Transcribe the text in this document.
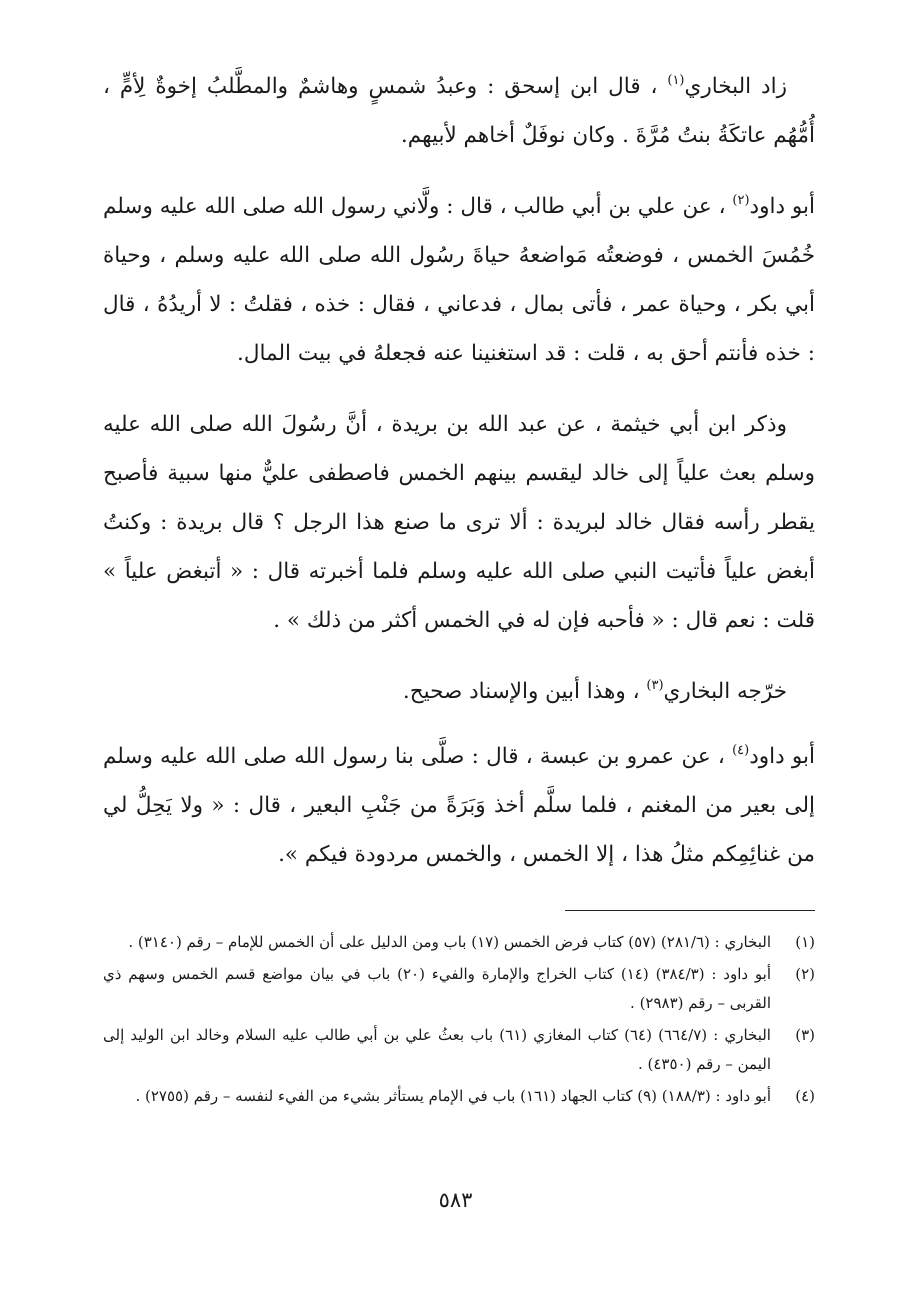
زاد البخاري$^{(١)}$ ، قال ابن إسحق : وعبدُ شمسٍ وهاشمٌ والمطَّلبُ إخوةٌ لِأمٍّ ، أُمُّهُم عاتكَةُ بنتُ مُرَّةَ . وكان نوفَلٌ أخاهم لأبيهم.

أبو داود$^{(٢)}$ ، عن علي بن أبي طالب ، قال : ولَّاني رسول الله صلى الله عليه وسلم خُمُسَ الخمس ، فوضعتُه مَواضعهُ حياةَ رسُول الله صلى الله عليه وسلم ، وحياة أبي بكر ، وحياة عمر ، فأتى بمال ، فدعاني ، فقال : خذه ، فقلتُ : لا أريدُهُ ، قال : خذه فأنتم أحق به ، قلت : قد استغنينا عنه فجعلهُ في بيت المال.

وذكر ابن أبي خيثمة ، عن عبد الله بن بريدة ، أنَّ رسُولَ الله صلى الله عليه وسلم بعث علياً إلى خالد ليقسم بينهم الخمس فاصطفى عليٌّ منها سبية فأصبح يقطر رأسه فقال خالد لبريدة : ألا ترى ما صنع هذا الرجل ؟ قال بريدة : وكنتُ أبغض علياً فأتيت النبي صلى الله عليه وسلم فلما أخبرته قال : « أتبغض علياً » قلت : نعم قال : « فأحبه فإن له في الخمس أكثر من ذلك » .

خرّجه البخاري$^{(٣)}$ ، وهذا أبين والإسناد صحيح.

أبو داود$^{(٤)}$ ، عن عمرو بن عبسة ، قال : صلَّى بنا رسول الله صلى الله عليه وسلم إلى بعير من المغنم ، فلما سلَّم أخذ وَبَرَةً من جَنْبِ البعير ، قال : « ولا يَحِلُّ لي من غنائِمِكم مثلُ هذا ، إلا الخمس ، والخمس مردودة فيكم ».

(١)
البخاري : (٢٨١/٦) (٥٧) كتاب فرض الخمس (١٧) باب ومن الدليل على أن الخمس للإمام – رقم (٣١٤٠) .
(٢)
أبو داود : (٣٨٤/٣) (١٤) كتاب الخراج والإمارة والفيء (٢٠) باب في بيان مواضع قسم الخمس وسهم ذي القربى – رقم (٢٩٨٣) .
(٣)
البخاري : (٦٦٤/٧) (٦٤) كتاب المغازي (٦١) باب بعثُ علي بن أبي طالب عليه السلام وخالد ابن الوليد إلى اليمن – رقم (٤٣٥٠) .
(٤)
أبو داود : (١٨٨/٣) (٩) كتاب الجهاد (١٦١) باب في الإمام يستأثر بشيء من الفيء لنفسه – رقم (٢٧٥٥) .
٥٨٣
